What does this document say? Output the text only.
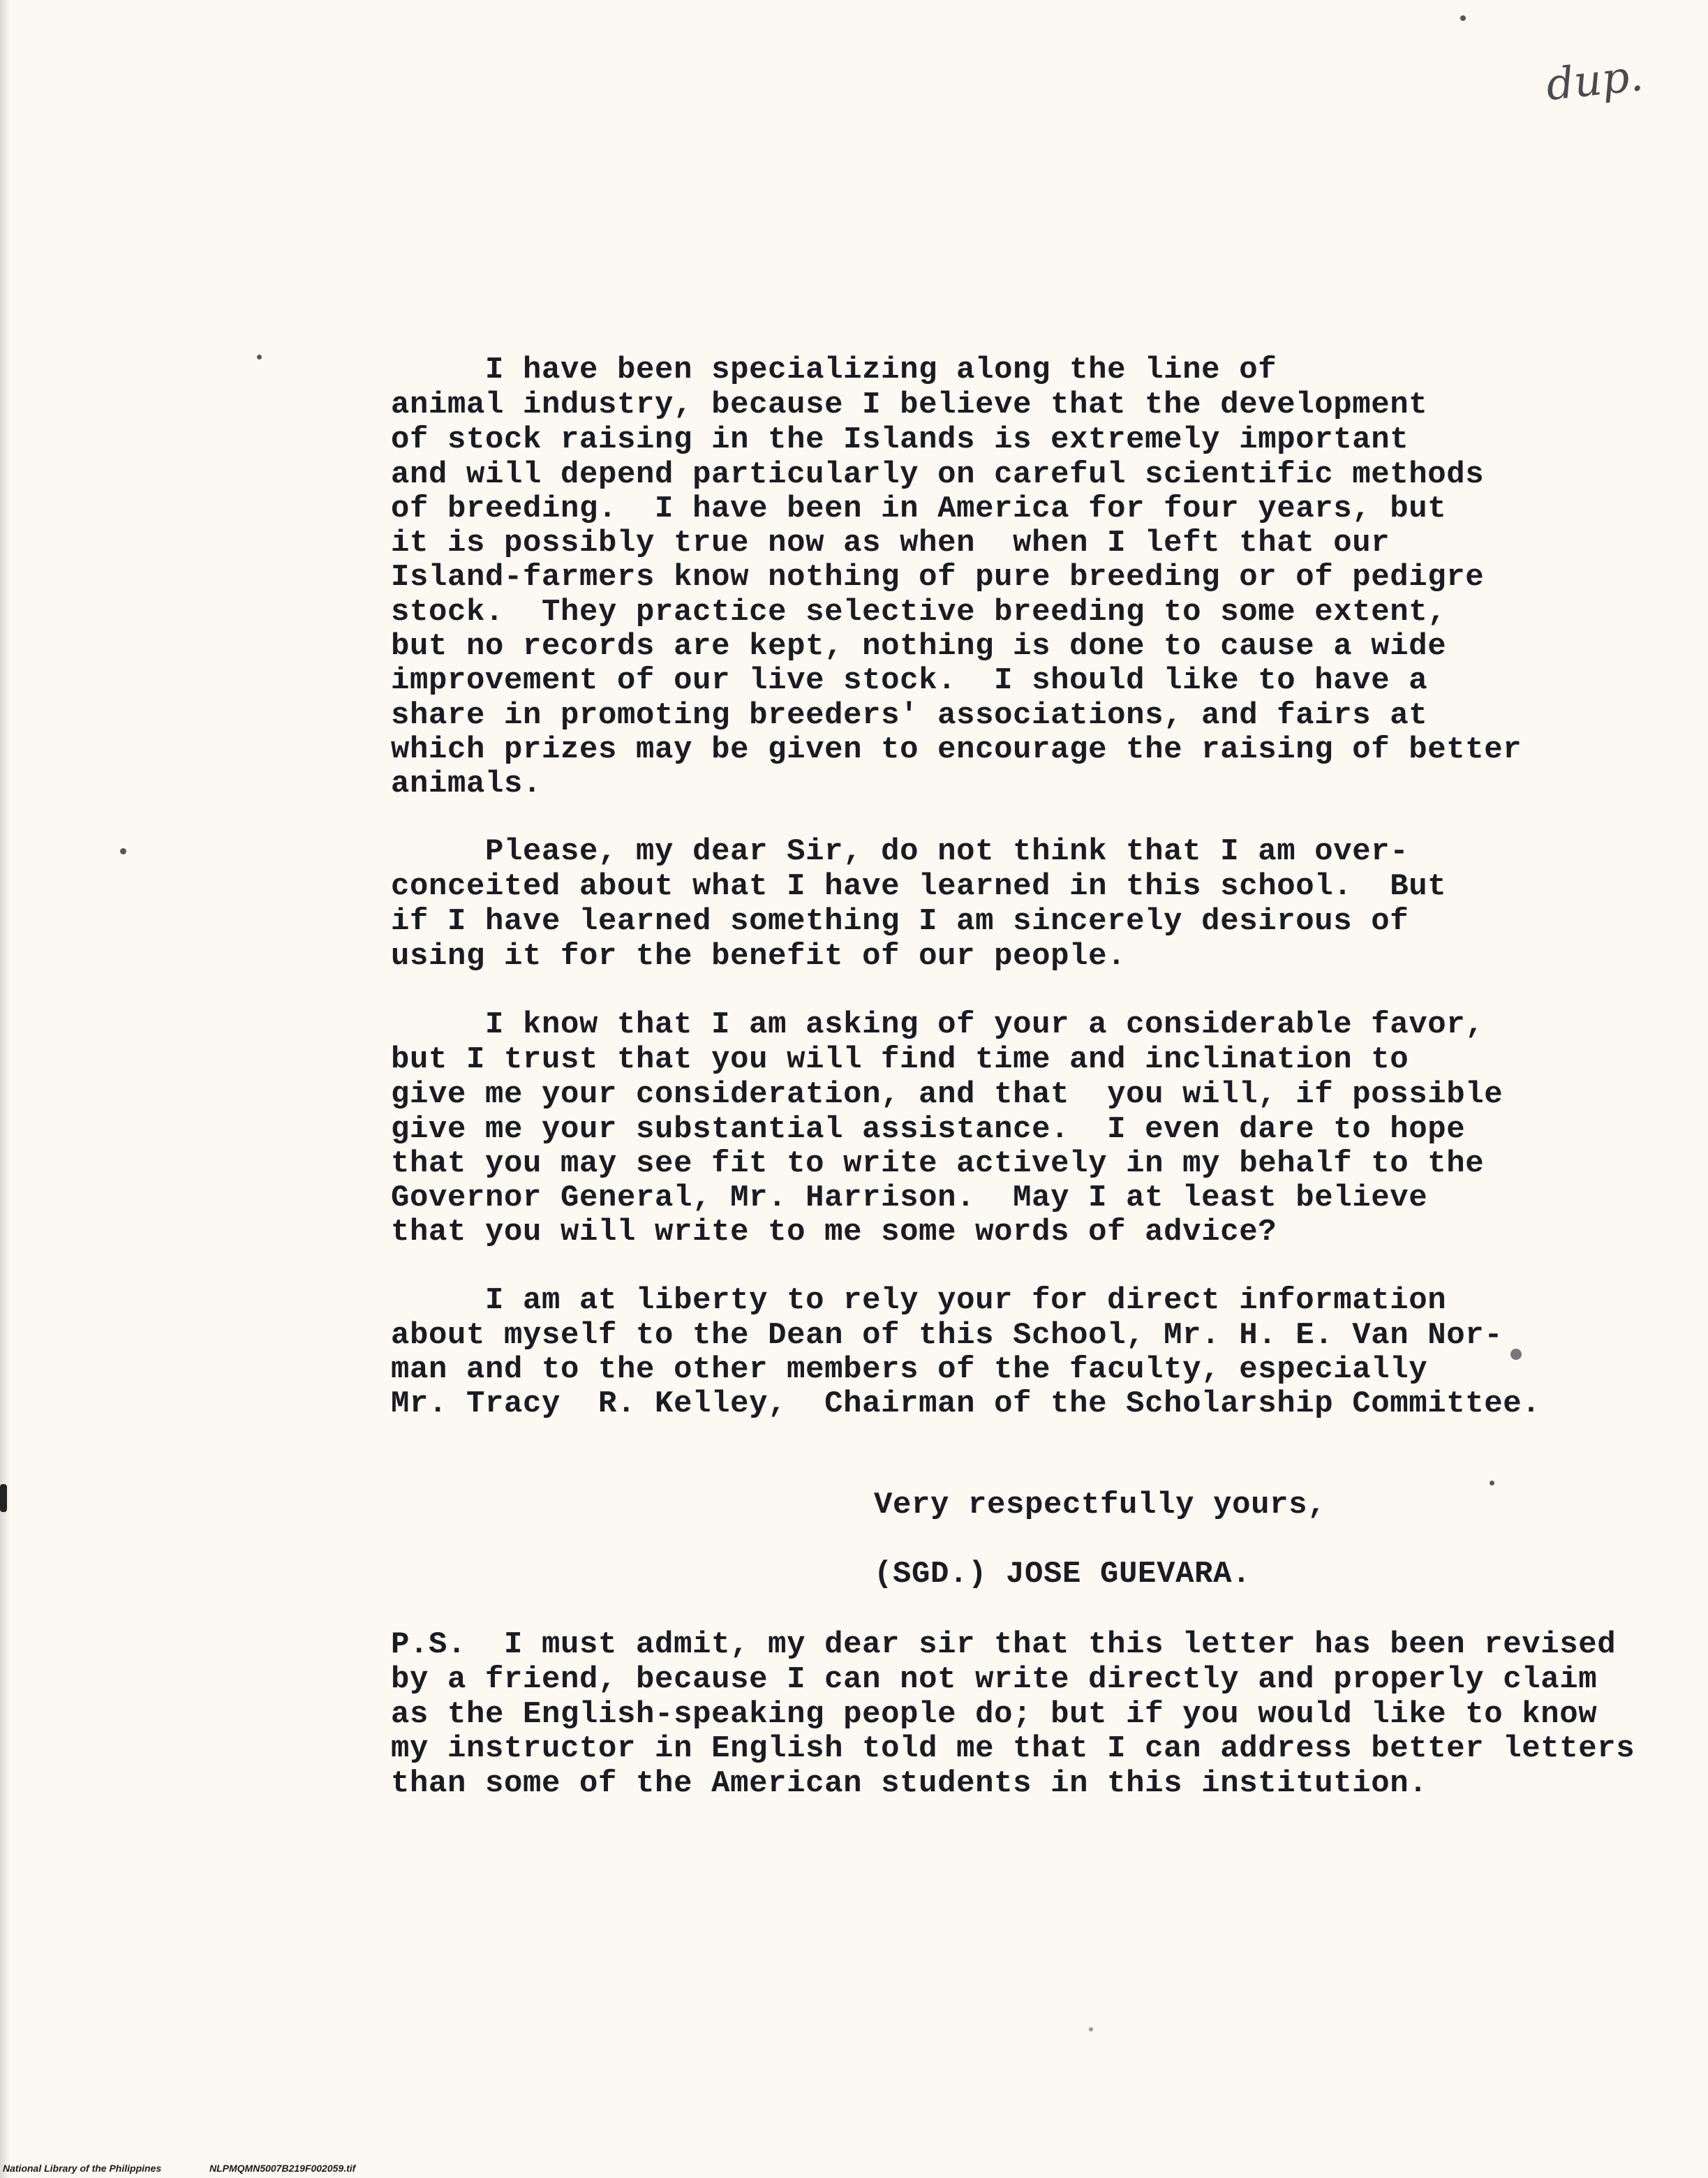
dup.

I have been specializing along the line of

animal industry, because I believe that the development

of stock raising in the Islands is extremely important

and will depend particularly on careful scientific methods

of breeding.  I have been in America for four years, but

it is possibly true now as when  when I left that our

Island-farmers know nothing of pure breeding or of pedigre

stock.  They practice selective breeding to some extent,

but no records are kept, nothing is done to cause a wide

improvement of our live stock.  I should like to have a

share in promoting breeders' associations, and fairs at

which prizes may be given to encourage the raising of better

animals.

Please, my dear Sir, do not think that I am over-

conceited about what I have learned in this school.  But

if I have learned something I am sincerely desirous of

using it for the benefit of our people.

I know that I am asking of your a considerable favor,

but I trust that you will find time and inclination to

give me your consideration, and that  you will, if possible

give me your substantial assistance.  I even dare to hope

that you may see fit to write actively in my behalf to the

Governor General, Mr. Harrison.  May I at least believe

that you will write to me some words of advice?

I am at liberty to rely your for direct information

about myself to the Dean of this School, Mr. H. E. Van Nor-

man and to the other members of the faculty, especially

Mr. Tracy  R. Kelley,  Chairman of the Scholarship Committee.

Very respectfully yours,

(SGD.) JOSE GUEVARA.

P.S.  I must admit, my dear sir that this letter has been revised

by a friend, because I can not write directly and properly claim

as the English-speaking people do; but if you would like to know

my instructor in English told me that I can address better letters

than some of the American students in this institution.

National Library of the Philippines	NLPMQMN5007B219F002059.tif
